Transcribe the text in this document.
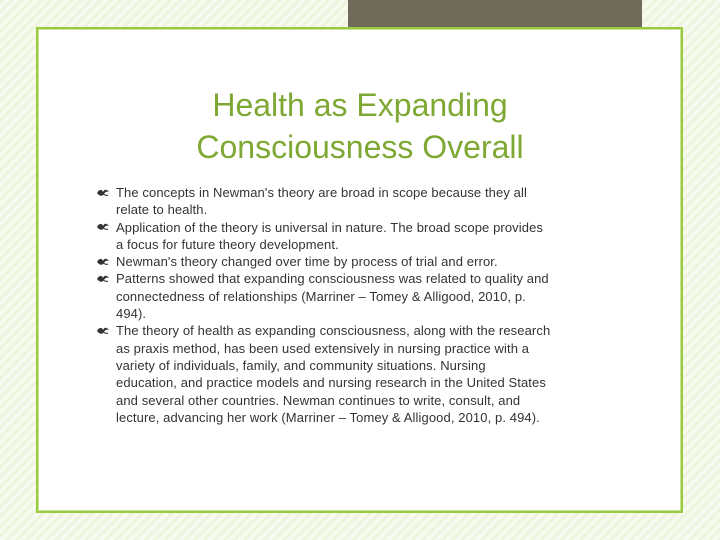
Health as Expanding
Consciousness Overall
The concepts in Newman's theory are broad in scope because they all
relate to health.
Application of the theory is universal in nature. The broad scope provides
a focus for future theory development.
Newman's theory changed over time by process of trial and error.
Patterns showed that expanding consciousness was related to quality and
connectedness of relationships (Marriner – Tomey & Alligood, 2010, p.
494).
The theory of health as expanding consciousness, along with the research
as praxis method, has been used extensively in nursing practice with a
variety of individuals, family, and community situations. Nursing
education, and practice models and nursing research in the United States
and several other countries. Newman continues to write, consult, and
lecture, advancing her work (Marriner – Tomey & Alligood, 2010, p. 494).
